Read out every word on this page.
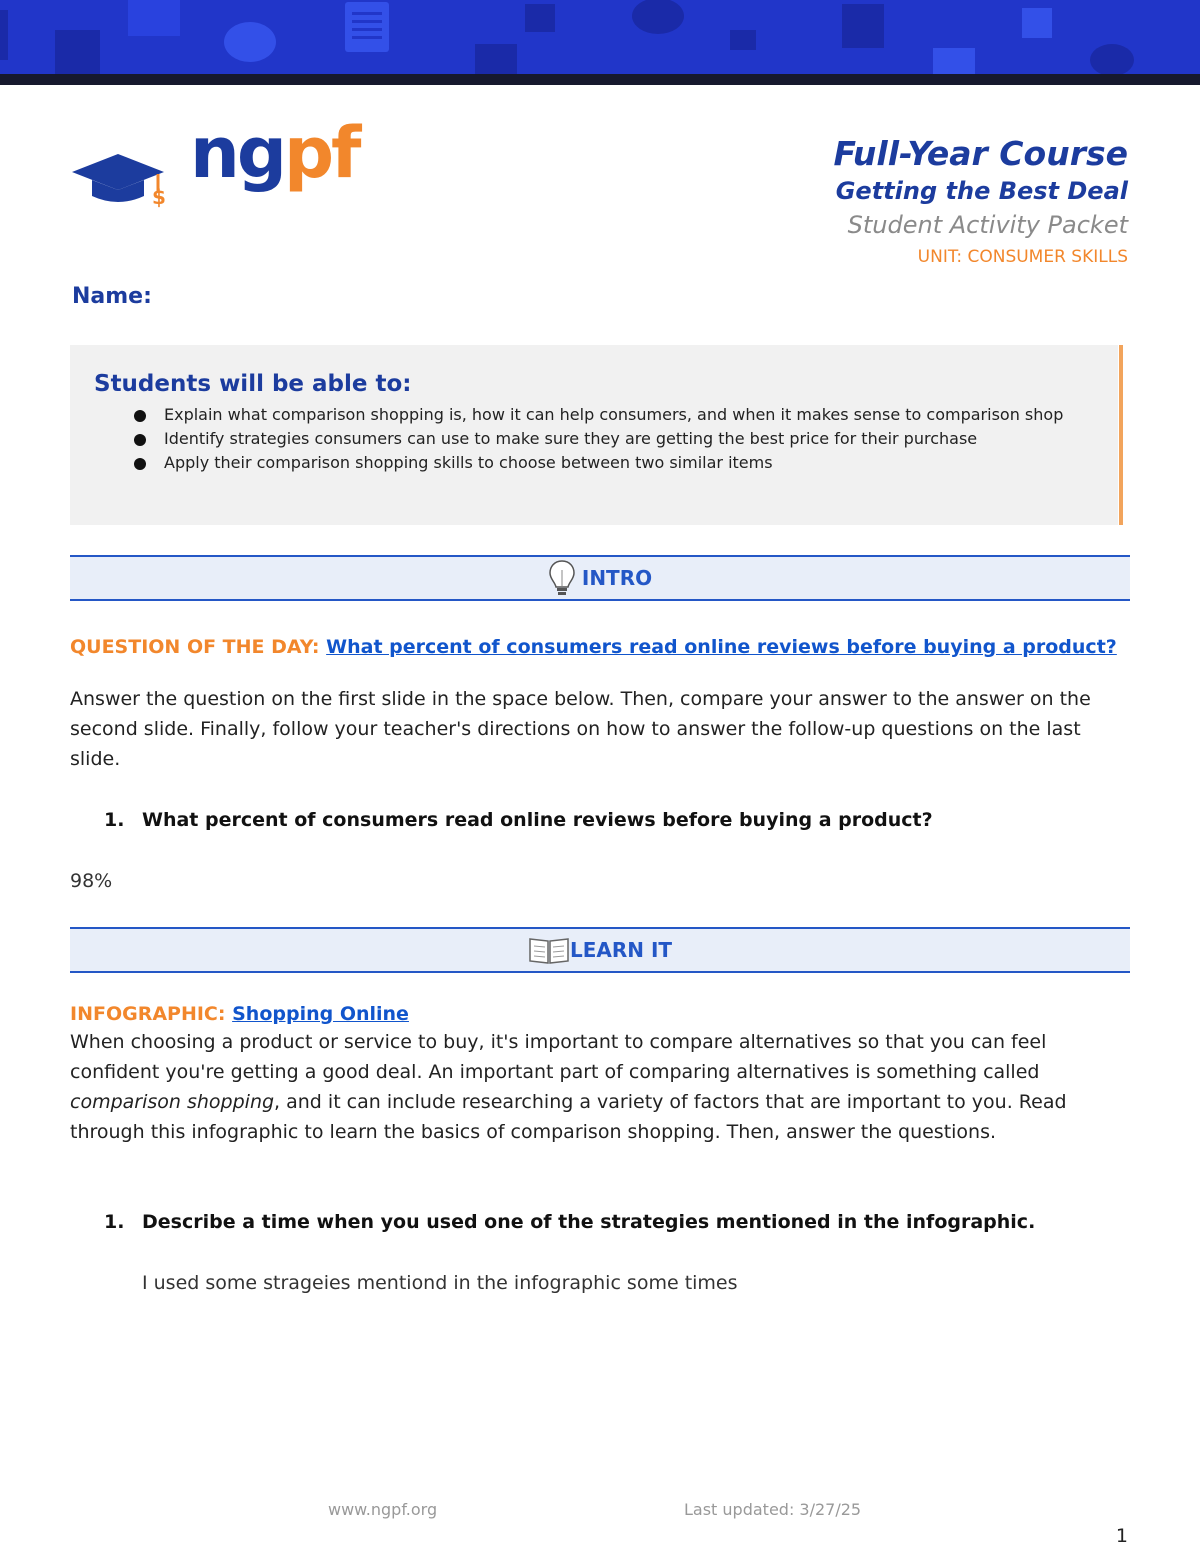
$
ngpf	Full-Year Course
Getting the Best Deal
Student Activity Packet
UNIT: CONSUMER SKILLS
Name:
Students will be able to:
Explain what comparison shopping is, how it can help consumers, and when it makes sense to comparison shop
Identify strategies consumers can use to make sure they are getting the best price for their purchase
Apply their comparison shopping skills to choose between two similar items
INTRO
QUESTION OF THE DAY: What percent of consumers read online reviews before buying a product?
Answer the question on the first slide in the space below. Then, compare your answer to the answer on the second slide. Finally, follow your teacher's directions on how to answer the follow-up questions on the last slide.
1. What percent of consumers read online reviews before buying a product?
98%
LEARN IT
INFOGRAPHIC: Shopping Online
When choosing a product or service to buy, it's important to compare alternatives so that you can feel confident you're getting a good deal. An important part of comparing alternatives is something called comparison shopping, and it can include researching a variety of factors that are important to you. Read through this infographic to learn the basics of comparison shopping. Then, answer the questions.
1. Describe a time when you used one of the strategies mentioned in the infographic.
I used some strageies mentiond in the infographic some times
www.ngpf.org	Last updated: 3/27/25
1
